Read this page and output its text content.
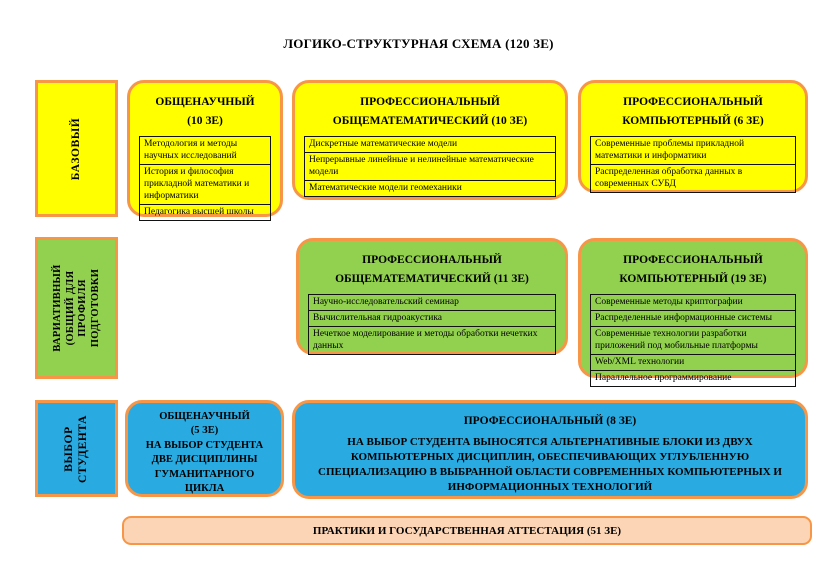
ЛОГИКО-СТРУКТУРНАЯ СХЕМА (120 ЗЕ)
БАЗОВЫЙ
ОБЩЕНАУЧНЫЙ
(10 ЗЕ)
Методология и методы научных исследований
История и философия прикладной математики и информатики
Педагогика высшей школы
ПРОФЕССИОНАЛЬНЫЙ
ОБЩЕМАТЕМАТИЧЕСКИЙ (10 ЗЕ)
Дискретные математические модели
Непрерывные линейные и нелинейные математические модели
Математические модели геомеханики
ПРОФЕССИОНАЛЬНЫЙ
КОМПЬЮТЕРНЫЙ (6 ЗЕ)
Современные проблемы прикладной математики и информатики
Распределенная обработка данных в современных СУБД
ВАРИАТИВНЫЙ (ОБЩИЙ ДЛЯ ПРОФИЛЯ ПОДГОТОВКИ
ПРОФЕССИОНАЛЬНЫЙ
ОБЩЕМАТЕМАТИЧЕСКИЙ (11 ЗЕ)
Научно-исследовательский семинар
Вычислительная гидроакустика
Нечеткое моделирование и методы обработки нечетких данных
ПРОФЕССИОНАЛЬНЫЙ
КОМПЬЮТЕРНЫЙ (19 ЗЕ)
Современные методы криптографии
Распределенные информационные системы
Современные технологии разработки приложений под мобильные платформы
Web/XML технологии
Параллельное программирование
ВЫБОР СТУДЕНТА	ОБЩЕНАУЧНЫЙ
(5 ЗЕ)
НА ВЫБОР СТУДЕНТА
ДВЕ ДИСЦИПЛИНЫ
ГУМАНИТАРНОГО
ЦИКЛА
ПРОФЕССИОНАЛЬНЫЙ (8 ЗЕ)
НА ВЫБОР СТУДЕНТА ВЫНОСЯТСЯ АЛЬТЕРНАТИВНЫЕ БЛОКИ ИЗ ДВУХ КОМПЬЮТЕРНЫХ ДИСЦИПЛИН, ОБЕСПЕЧИВАЮЩИХ УГЛУБЛЕННУЮ СПЕЦИАЛИЗАЦИЮ В ВЫБРАННОЙ ОБЛАСТИ СОВРЕМЕННЫХ КОМПЬЮТЕРНЫХ И ИНФОРМАЦИОННЫХ ТЕХНОЛОГИЙ
ПРАКТИКИ И ГОСУДАРСТВЕННАЯ АТТЕСТАЦИЯ (51 ЗЕ)
